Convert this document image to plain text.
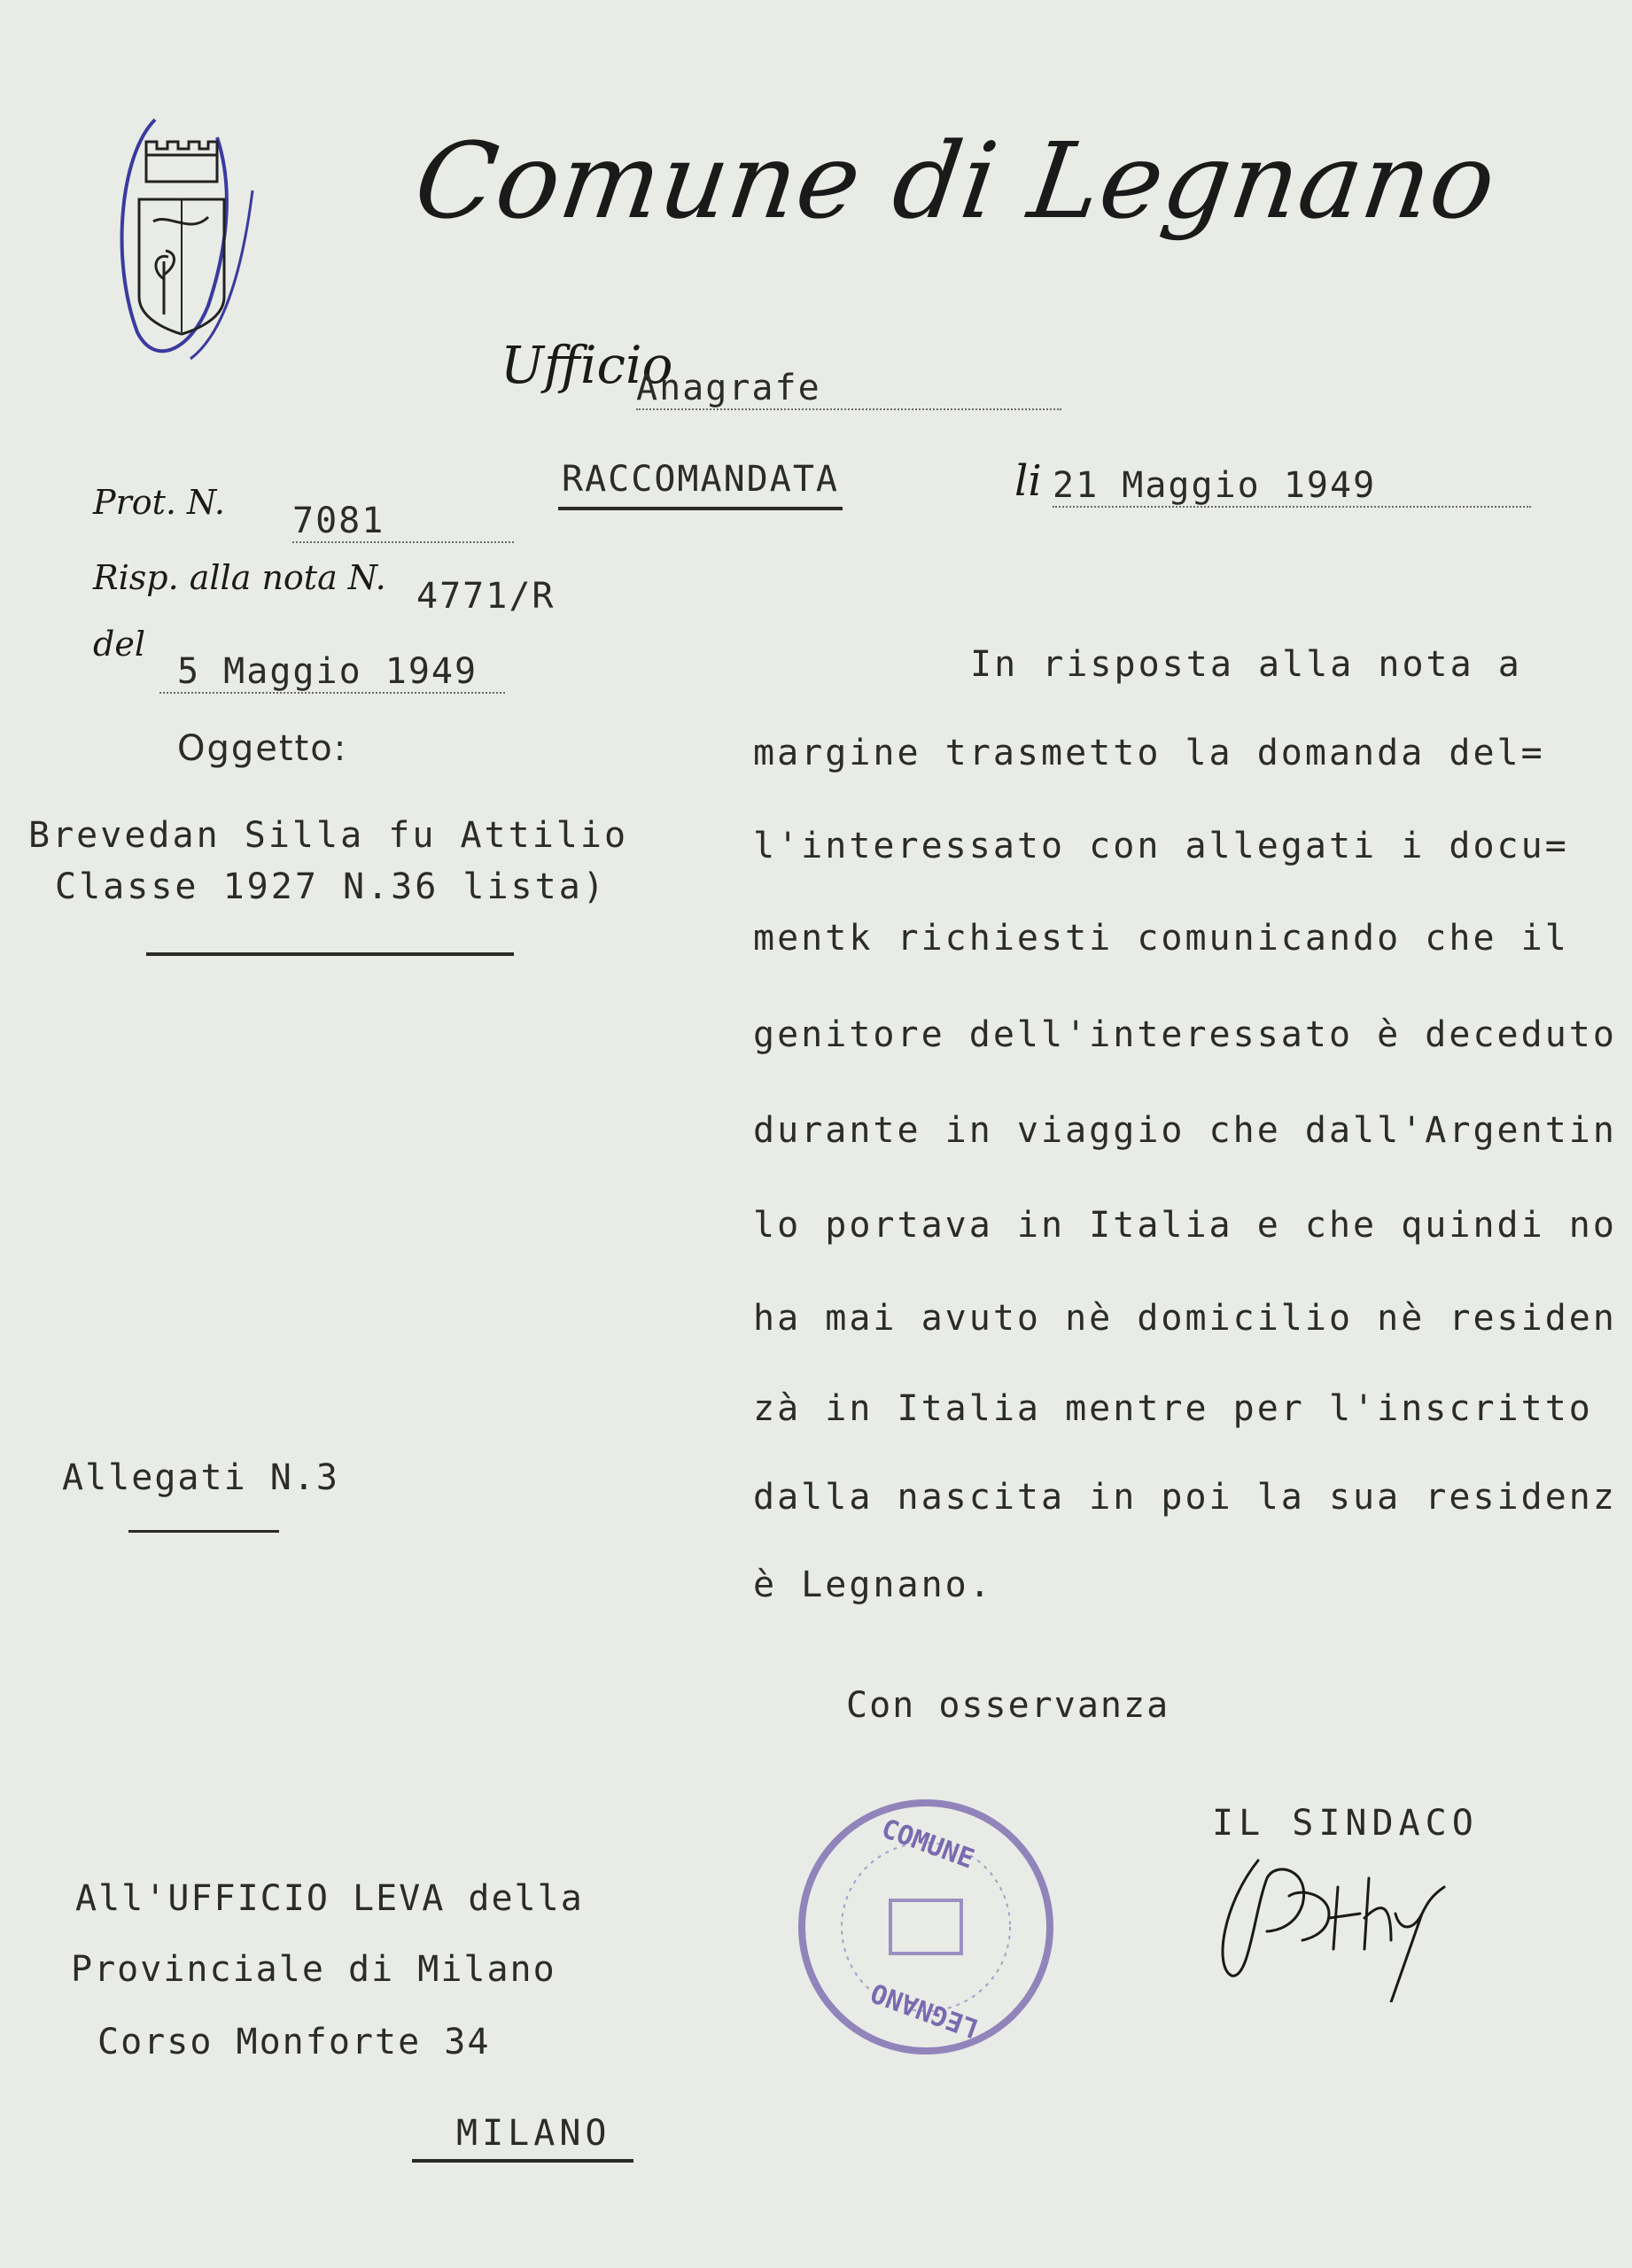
Comune di Legnano
Ufficio
Anagrafe
RACCOMANDATA	li 21 Maggio 1949
Prot. N. 7081
Risp. alla nota N. 4771/R
del
5 Maggio 1949
Oggetto:
Brevedan Silla fu Attilio
Classe 1927 N.36 lista)
Allegati N.3
In risposta alla nota a
margine trasmetto la domanda del=
l'interessato con allegati i docu=
mentk richiesti comunicando che il
genitore dell'interessato è deceduto
durante in viaggio che dall'Argentin
lo portava in Italia e che quindi no
ha mai avuto nè domicilio nè residen
zà in Italia mentre per l'inscritto
dalla nascita in poi la sua residenz
è Legnano.
Con osservanza
COMUNE
LEGNANO
IL SINDACO
All'UFFICIO LEVA della
Provinciale di Milano
Corso Monforte 34
MILANO
